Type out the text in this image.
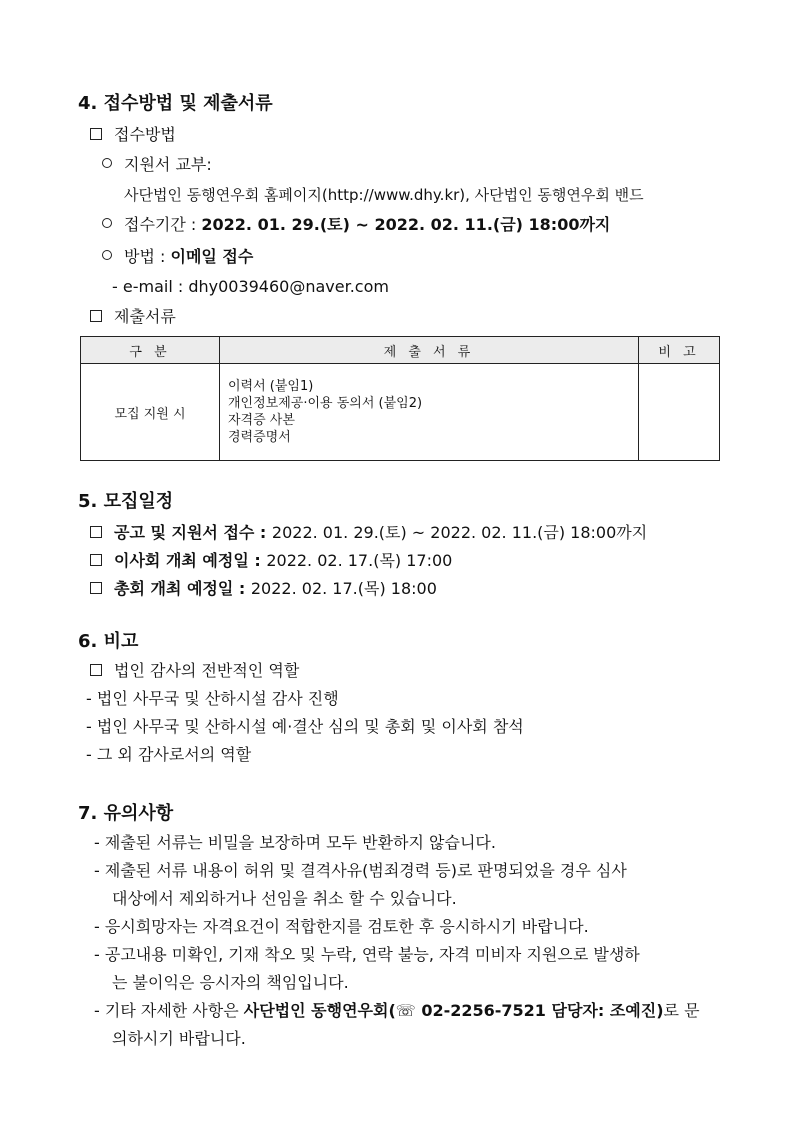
4. 접수방법 및 제출서류
접수방법
지원서 교부:
사단법인 동행연우회 홈페이지(http://www.dhy.kr), 사단법인 동행연우회 밴드
접수기간 : 2022. 01. 29.(토) ~ 2022. 02. 11.(금) 18:00까지
방법 : 이메일 접수
- e-mail : dhy0039460@naver.com
제출서류
구 분	제 출 서 류	비 고
모집 지원 시	이력서 (붙임1)
개인정보제공·이용 동의서 (붙임2)
자격증 사본
경력증명서	

5. 모집일정
공고 및 지원서 접수 : 2022. 01. 29.(토) ~ 2022. 02. 11.(금) 18:00까지
이사회 개최 예정일 : 2022. 02. 17.(목) 17:00
총회 개최 예정일 : 2022. 02. 17.(목) 18:00
6. 비고
법인 감사의 전반적인 역할
- 법인 사무국 및 산하시설 감사 진행
- 법인 사무국 및 산하시설 예·결산 심의 및 총회 및 이사회 참석
- 그 외 감사로서의 역할
7. 유의사항
- 제출된 서류는 비밀을 보장하며 모두 반환하지 않습니다.
- 제출된 서류 내용이 허위 및 결격사유(범죄경력 등)로 판명되었을 경우 심사
대상에서 제외하거나 선임을 취소 할 수 있습니다.
- 응시희망자는 자격요건이 적합한지를 검토한 후 응시하시기 바랍니다.
- 공고내용 미확인, 기재 착오 및 누락, 연락 불능, 자격 미비자 지원으로 발생하
는 불이익은 응시자의 책임입니다.
- 기타 자세한 사항은 사단법인 동행연우회(☏ 02-2256-7521 담당자: 조예진)로 문
의하시기 바랍니다.
